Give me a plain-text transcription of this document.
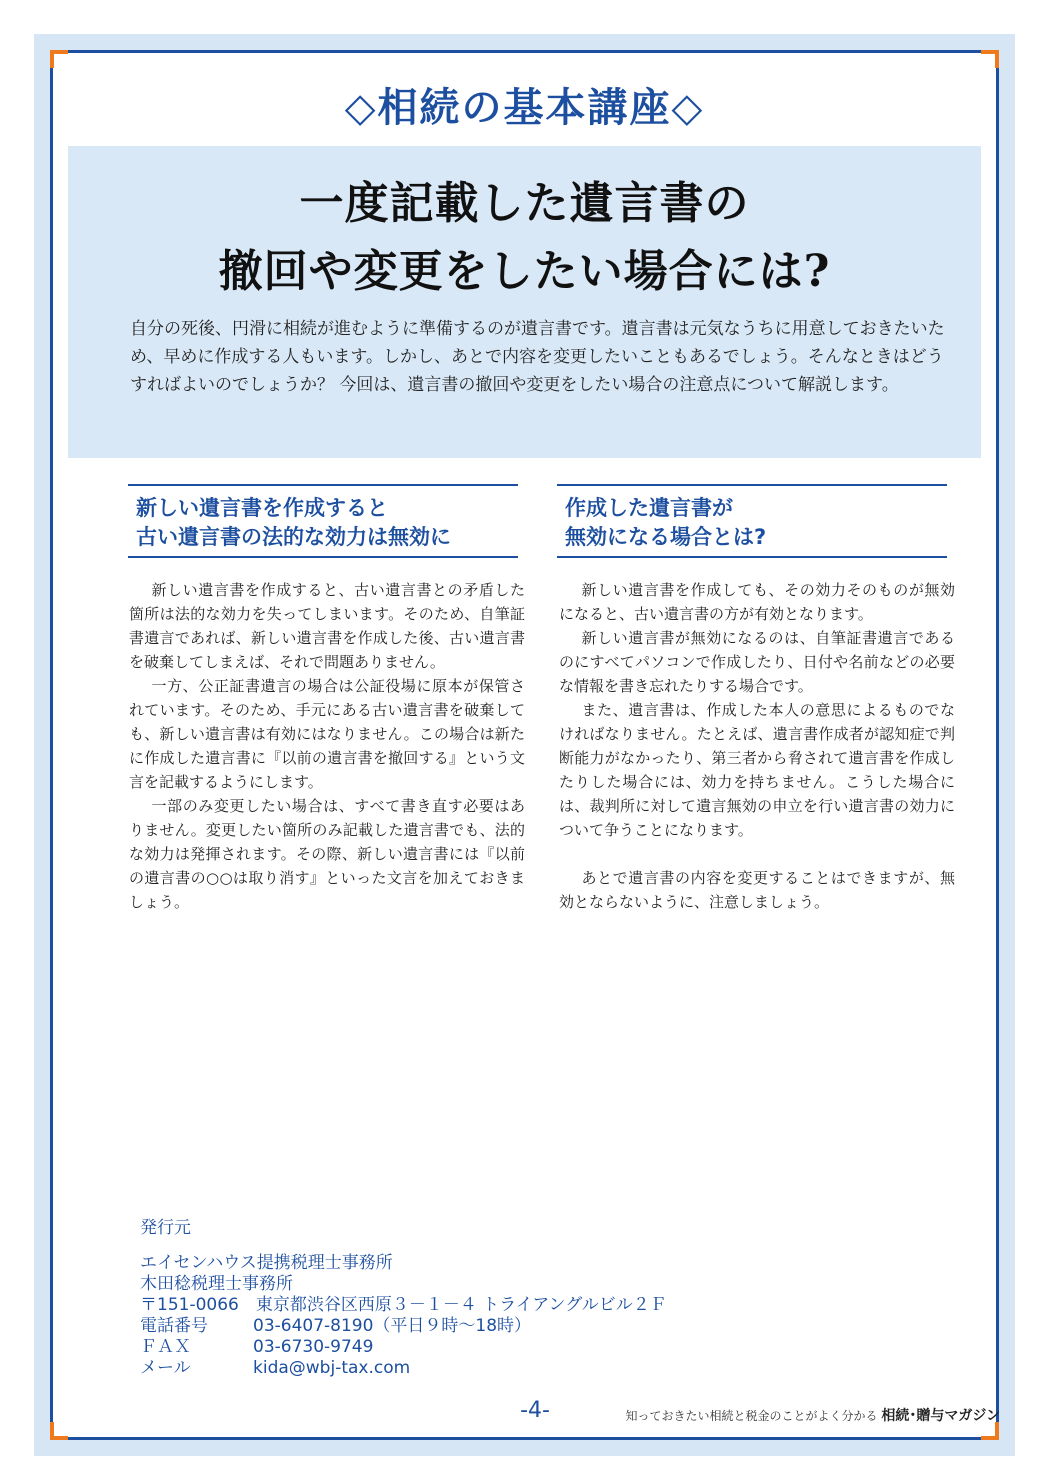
◇相続の基本講座◇
一度記載した遺言書の
撤回や変更をしたい場合には?
自分の死後、円滑に相続が進むように準備するのが遺言書です。遺言書は元気なうちに用意しておきたいため、早めに作成する人もいます。しかし、あとで内容を変更したいこともあるでしょう。そんなときはどうすればよいのでしょうか？ 今回は、遺言書の撤回や変更をしたい場合の注意点について解説します。
新しい遺言書を作成すると
古い遺言書の法的な効力は無効に
作成した遺言書が
無効になる場合とは?

新しい遺言書を作成すると、古い遺言書との矛盾した箇所は法的な効力を失ってしまいます。そのため、自筆証書遺言であれば、新しい遺言書を作成した後、古い遺言書を破棄してしまえば、それで問題ありません。

一方、公正証書遺言の場合は公証役場に原本が保管されています。そのため、手元にある古い遺言書を破棄しても、新しい遺言書は有効にはなりません。この場合は新たに作成した遺言書に『以前の遺言書を撤回する』という文言を記載するようにします。

一部のみ変更したい場合は、すべて書き直す必要はありません。変更したい箇所のみ記載した遺言書でも、法的な効力は発揮されます。その際、新しい遺言書には『以前の遺言書の○○は取り消す』といった文言を加えておきましょう。

新しい遺言書を作成しても、その効力そのものが無効になると、古い遺言書の方が有効となります。

新しい遺言書が無効になるのは、自筆証書遺言であるのにすべてパソコンで作成したり、日付や名前などの必要な情報を書き忘れたりする場合です。

また、遺言書は、作成した本人の意思によるものでなければなりません。たとえば、遺言書作成者が認知症で判断能力がなかったり、第三者から脅されて遺言書を作成したりした場合には、効力を持ちません。こうした場合には、裁判所に対して遺言無効の申立を行い遺言書の効力について争うことになります。

あとで遺言書の内容を変更することはできますが、無効とならないように、注意しましょう。

発行元
エイセンハウス提携税理士事務所
木田稔税理士事務所
〒151-0066　東京都渋谷区西原３－１－４ トライアングルビル２Ｆ
電話番号	03-6407-8190（平日９時～18時）
ＦＡＸ	03-6730-9749
メール	kida@wbj-tax.com
-4-	知っておきたい相続と税金のことがよく分かる 相続･贈与マガジン
